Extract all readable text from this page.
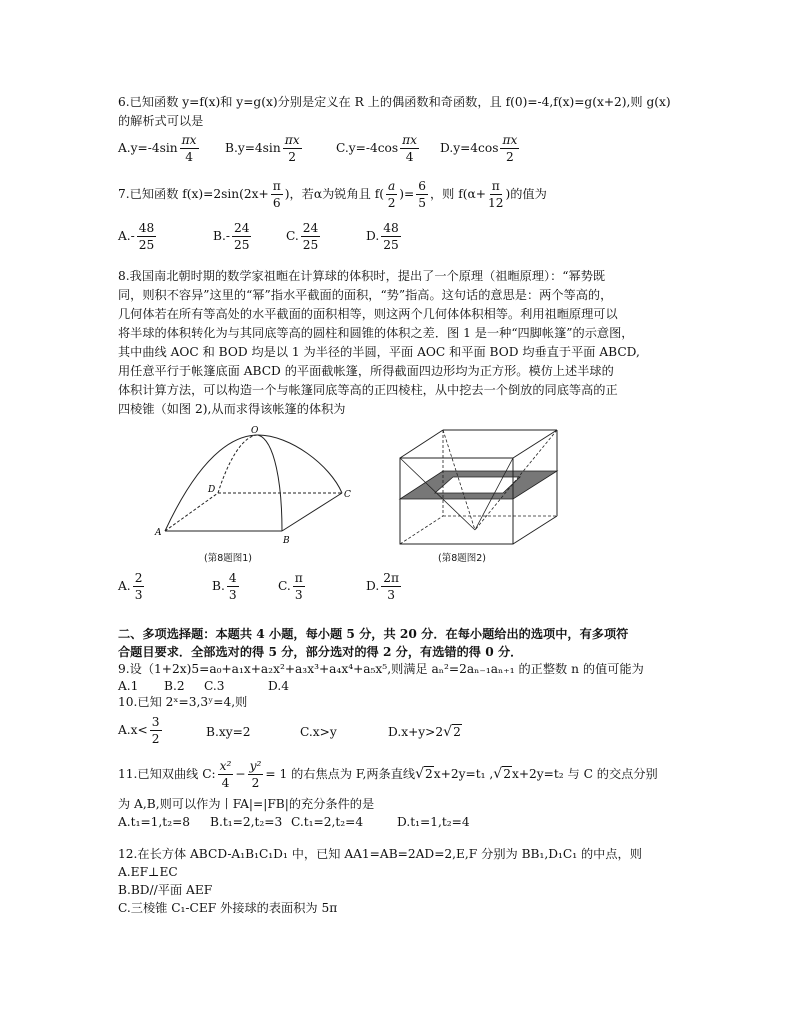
6.已知函数 y=f(x)和 y=g(x)分别是定义在 R 上的偶函数和奇函数，且 f(0)=-4,f(x)=g(x+2),则 g(x)
的解析式可以是
$A.y=-4\sin \frac{\pi x}{4} B.y=4\sin \frac{\pi x}{2}$	$C.y=-4\cos \frac{\pi x}{4} D.y=4\cos \frac{\pi x}{2}$
7.已知函数 $f(x)=2\sin(2x+ \frac{\pi}{6}$ )，若α为锐角且 $f( \frac{a}{2}$ )= $\frac{6}{5}$ ，则 $f(\alpha+ \frac{\pi}{12}$ )的值为
$A.- \frac{48}{25}$	$B.- \frac{24}{25}$	C. $\frac{24}{25}$	D. $\frac{48}{25}$
8.我国南北朝时期的数学家祖暅在计算球的体积时，提出了一个原理（祖暅原理）：“幂势既
同，则积不容异”这里的“幂”指水平截面的面积，“势”指高。这句话的意思是：两个等高的，
几何体若在所有等高处的水平截面的面积相等，则这两个几何体体积相等。利用祖暅原理可以
将半球的体积转化为与其同底等高的圆柱和圆锥的体积之差．图 1 是一种“四脚帐篷”的示意图，
其中曲线 AOC 和 BOD 均是以 1 为半径的半圆，平面 AOC 和平面 BOD 均垂直于平面 ABCD,
用任意平行于帐篷底面 ABCD 的平面截帐篷，所得截面四边形均为正方形。模仿上述半球的
体积计算方法，可以构造一个与帐篷同底等高的正四棱柱，从中挖去一个倒放的同底等高的正
四棱锥（如图 2),从而求得该帐篷的体积为
O
A
B
C
D
(第8题图1)	(第8题图2)
A. $\frac{2}{3}$	B. $\frac{4}{3}$	C. $\frac{\pi}{3}$	D. $\frac{2\pi}{3}$
二、多项选择题：本题共 4 小题，每小题 5 分，共 20 分．在每小题给出的选项中，有多项符
合题目要求．全部选对的得 5 分，部分选对的得 2 分，有选错的得 0 分．
9.设（1+2x)5=a₀+a₁x+a₂x²+a₃x³+a₄x⁴+a₅x⁵,则满足 aₙ²=2aₙ₋₁aₙ₊₁ 的正整数 n 的值可能为
A.1 B.2 C.3	D.4
10.已知 2ˣ=3,3ʸ=4,则
$A.x< \frac{3}{2}$	B.xy=2	C.x>y	D.x+y>2√2
11.已知双曲线 C: $\frac{\text{x²}}{4} - \frac{\text{y²}}{2} = 1$ 的右焦点为 F,两条直线√2x+2y=t₁ ,√2x+2y=t₂ 与 C 的交点分别
为 A,B,则可以作为丨FA|=|FB|的充分条件的是
A.t₁=1,t₂=8 B.t₁=2,t₂=3 C.t₁=2,t₂=4	D.t₁=1,t₂=4
12.在长方体 ABCD-A₁B₁C₁D₁ 中，已知 AA1=AB=2AD=2,E,F 分别为 BB₁,D₁C₁ 的中点，则
A.EF⊥EC
B.BD//平面 AEF
C.三棱锥 C₁-CEF 外接球的表面积为 5π
